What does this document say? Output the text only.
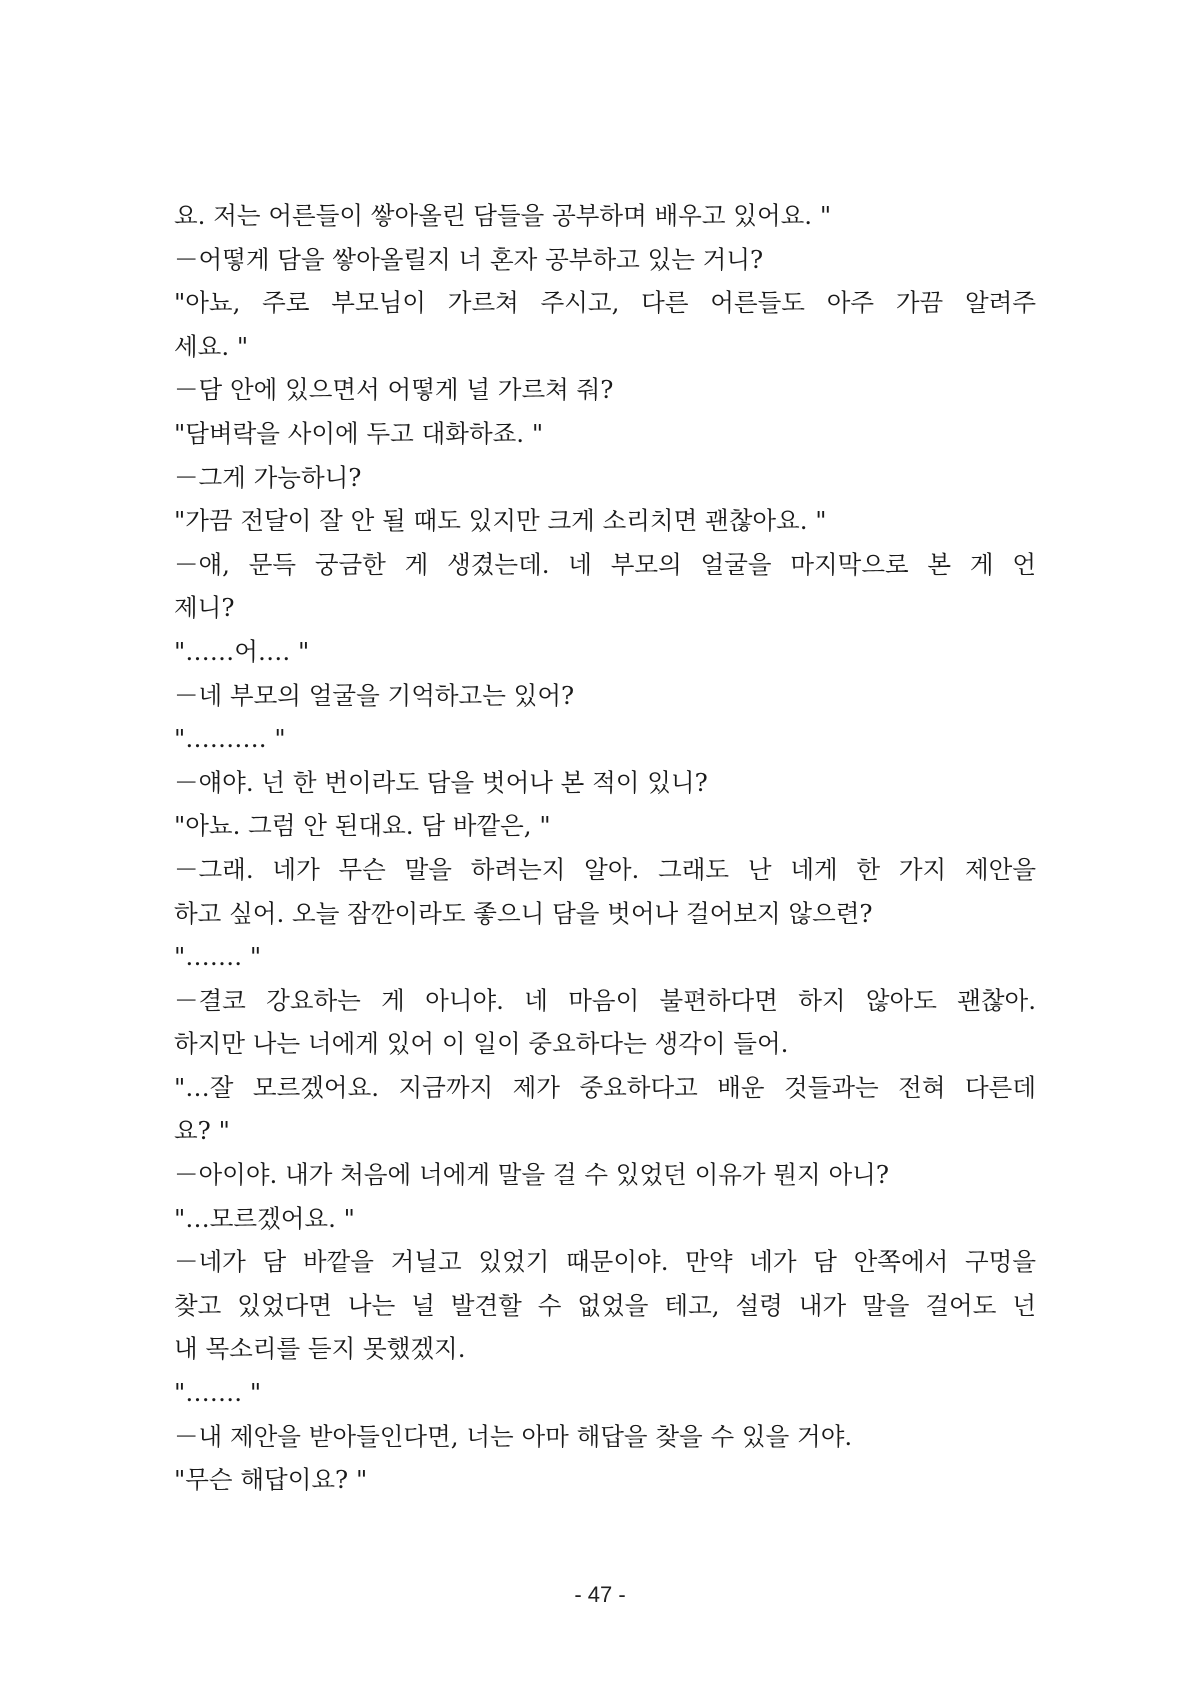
요. 저는 어른들이 쌓아올린 담들을 공부하며 배우고 있어요. "
－어떻게 담을 쌓아올릴지 너 혼자 공부하고 있는 거니?
"아뇨, 주로 부모님이 가르쳐 주시고, 다른 어른들도 아주 가끔 알려주
세요. "
－담 안에 있으면서 어떻게 널 가르쳐 줘?
"담벼락을 사이에 두고 대화하죠. "
－그게 가능하니?
"가끔 전달이 잘 안 될 때도 있지만 크게 소리치면 괜찮아요. "
－얘, 문득 궁금한 게 생겼는데. 네 부모의 얼굴을 마지막으로 본 게 언
제니?
"……어…. "
－네 부모의 얼굴을 기억하고는 있어?
"………. "
－얘야. 넌 한 번이라도 담을 벗어나 본 적이 있니?
"아뇨. 그럼 안 된대요. 담 바깥은, "
－그래. 네가 무슨 말을 하려는지 알아. 그래도 난 네게 한 가지 제안을
하고 싶어. 오늘 잠깐이라도 좋으니 담을 벗어나 걸어보지 않으련?
"……. "
－결코 강요하는 게 아니야. 네 마음이 불편하다면 하지 않아도 괜찮아.
하지만 나는 너에게 있어 이 일이 중요하다는 생각이 들어.
"…잘 모르겠어요. 지금까지 제가 중요하다고 배운 것들과는 전혀 다른데
요? "
－아이야. 내가 처음에 너에게 말을 걸 수 있었던 이유가 뭔지 아니?
"…모르겠어요. "
－네가 담 바깥을 거닐고 있었기 때문이야. 만약 네가 담 안쪽에서 구멍을
찾고 있었다면 나는 널 발견할 수 없었을 테고, 설령 내가 말을 걸어도 넌
내 목소리를 듣지 못했겠지.
"……. "
－내 제안을 받아들인다면, 너는 아마 해답을 찾을 수 있을 거야.
"무슨 해답이요? "
- 47 -
